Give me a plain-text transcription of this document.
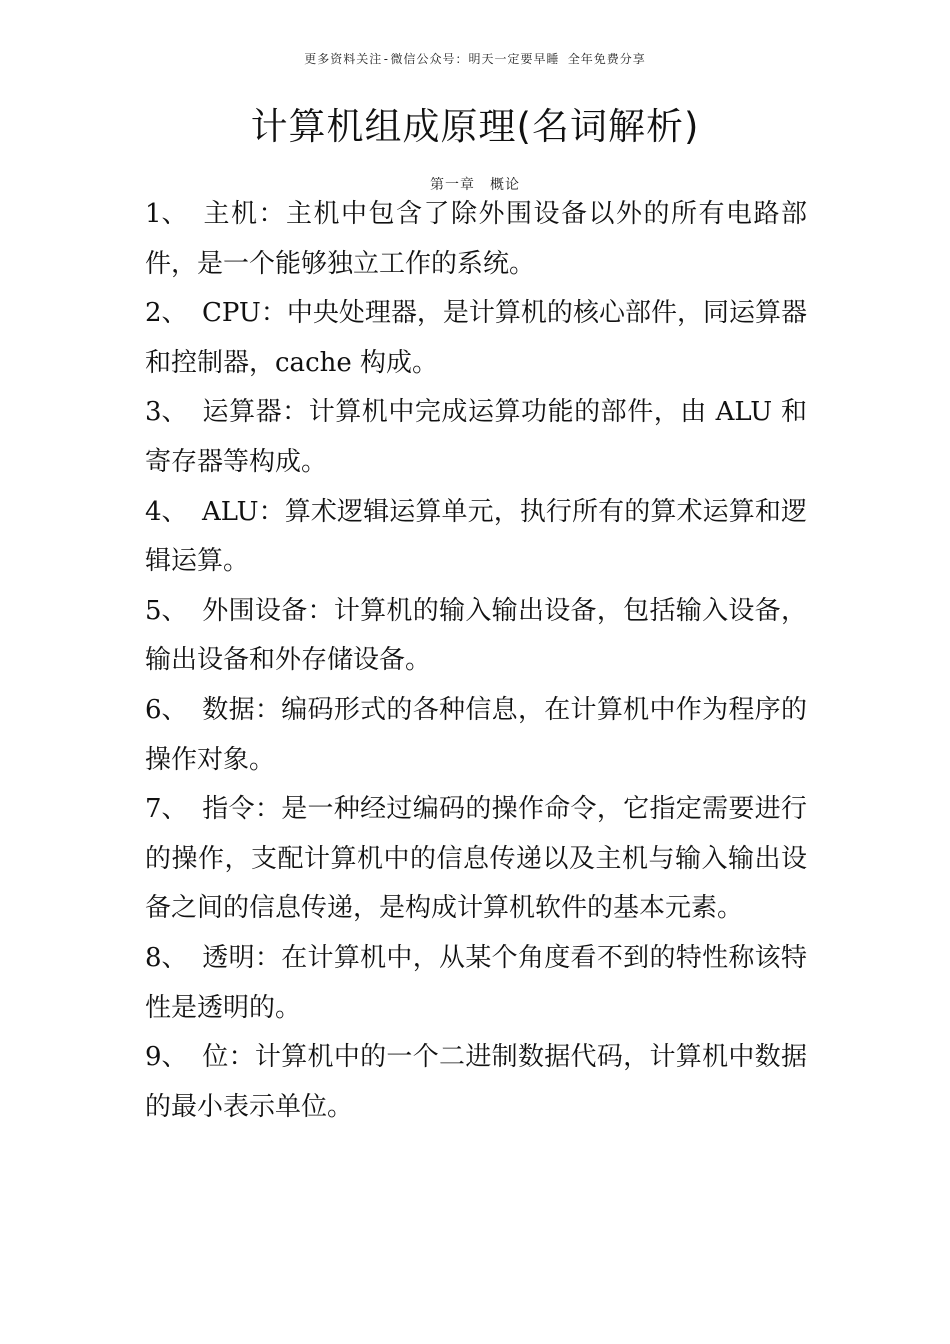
更多资料关注-微信公众号：明天一定要早睡 全年免费分享
计算机组成原理(名词解析)
第一章　概论

1、 主机：主机中包含了除外围设备以外的所有电路部件，是一个能够独立工作的系统。

2、 CPU：中央处理器，是计算机的核心部件，同运算器和控制器，cache 构成。

3、 运算器：计算机中完成运算功能的部件，由 ALU 和寄存器等构成。

4、 ALU：算术逻辑运算单元，执行所有的算术运算和逻辑运算。

5、 外围设备：计算机的输入输出设备，包括输入设备，输出设备和外存储设备。

6、 数据：编码形式的各种信息，在计算机中作为程序的操作对象。

7、 指令：是一种经过编码的操作命令，它指定需要进行的操作，支配计算机中的信息传递以及主机与输入输出设备之间的信息传递，是构成计算机软件的基本元素。

8、 透明：在计算机中，从某个角度看不到的特性称该特性是透明的。

9、 位：计算机中的一个二进制数据代码，计算机中数据的最小表示单位。
